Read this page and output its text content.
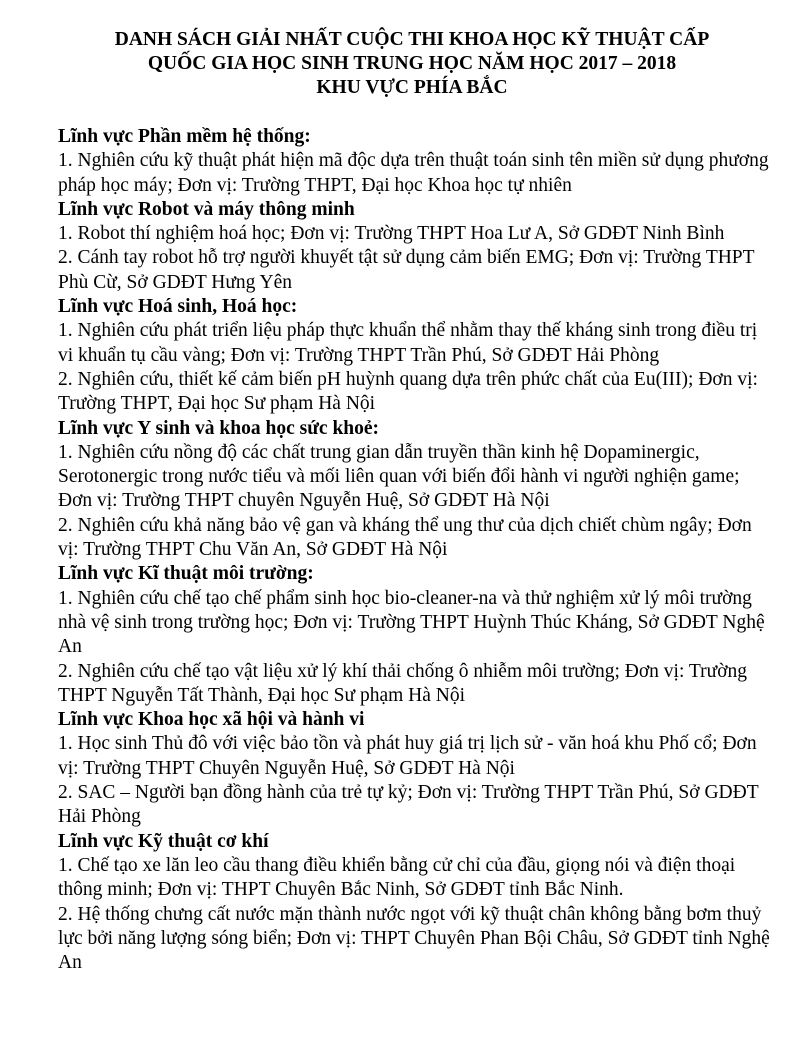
DANH SÁCH GIẢI NHẤT CUỘC THI KHOA HỌC KỸ THUẬT CẤP
QUỐC GIA HỌC SINH TRUNG HỌC NĂM HỌC 2017 – 2018
KHU VỰC PHÍA BẮC
Lĩnh vực Phần mềm hệ thống:
1. Nghiên cứu kỹ thuật phát hiện mã độc dựa trên thuật toán sinh tên miền sử dụng phương pháp học máy; Đơn vị: Trường THPT, Đại học Khoa học tự nhiên
Lĩnh vực Robot và máy thông minh
1. Robot thí nghiệm hoá học; Đơn vị: Trường THPT Hoa Lư A, Sở GDĐT Ninh Bình
2. Cánh tay robot hỗ trợ người khuyết tật sử dụng cảm biến EMG; Đơn vị: Trường THPT Phù Cừ, Sở GDĐT Hưng Yên
Lĩnh vực Hoá sinh, Hoá học:
1. Nghiên cứu phát triển liệu pháp thực khuẩn thể nhằm thay thế kháng sinh trong điều trị vi khuẩn tụ cầu vàng; Đơn vị: Trường THPT Trần Phú, Sở GDĐT Hải Phòng
2. Nghiên cứu, thiết kế cảm biến pH huỳnh quang dựa trên phức chất của Eu(III); Đơn vị: Trường THPT, Đại học Sư phạm Hà Nội
Lĩnh vực Y sinh và khoa học sức khoẻ:
1. Nghiên cứu nồng độ các chất trung gian dẫn truyền thần kinh hệ Dopaminergic, Serotonergic trong nước tiểu và mối liên quan với biến đổi hành vi người nghiện game; Đơn vị: Trường THPT chuyên Nguyễn Huệ, Sở GDĐT Hà Nội
2. Nghiên cứu khả năng bảo vệ gan và kháng thể ung thư của dịch chiết chùm ngây; Đơn vị: Trường THPT Chu Văn An, Sở GDĐT Hà Nội
Lĩnh vực Kĩ thuật môi trường:
1. Nghiên cứu chế tạo chế phẩm sinh học bio-cleaner-na và thử nghiệm xử lý môi trường nhà vệ sinh trong trường học; Đơn vị: Trường THPT Huỳnh Thúc Kháng, Sở GDĐT Nghệ An
2. Nghiên cứu chế tạo vật liệu xử lý khí thải chống ô nhiễm môi trường; Đơn vị: Trường THPT Nguyễn Tất Thành, Đại học Sư phạm Hà Nội
Lĩnh vực Khoa học xã hội và hành vi
1. Học sinh Thủ đô với việc bảo tồn và phát huy giá trị lịch sử - văn hoá khu Phố cổ; Đơn vị: Trường THPT Chuyên Nguyễn Huệ, Sở GDĐT Hà Nội
2. SAC – Người bạn đồng hành của trẻ tự kỷ; Đơn vị: Trường THPT Trần Phú, Sở GDĐT Hải Phòng
Lĩnh vực Kỹ thuật cơ khí
1. Chế tạo xe lăn leo cầu thang điều khiển bằng cử chỉ của đầu, giọng nói và điện thoại thông minh; Đơn vị: THPT Chuyên Bắc Ninh, Sở GDĐT tỉnh Bắc Ninh.
2. Hệ thống chưng cất nước mặn thành nước ngọt với kỹ thuật chân không bằng bơm thuỷ lực bởi năng lượng sóng biển; Đơn vị: THPT Chuyên Phan Bội Châu, Sở GDĐT tỉnh Nghệ An
